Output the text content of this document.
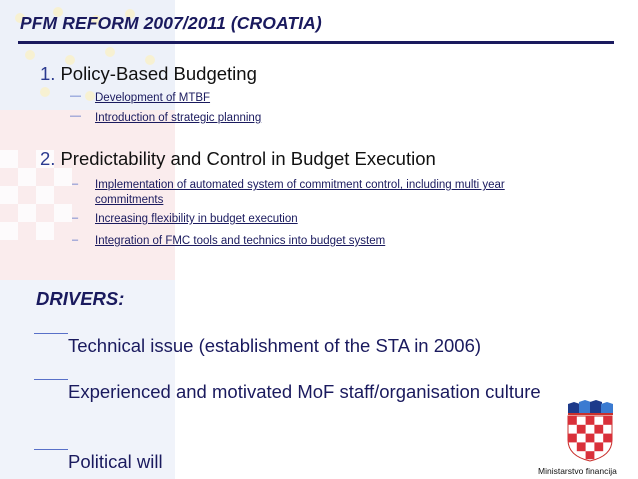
PFM REFORM 2007/2011 (CROATIA)
1. Policy-Based Budgeting
— Development of MTBF
— Introduction of strategic planning
2. Predictability and Control in Budget Execution
– Implementation of automated system of commitment control, including multi year commitments
– Increasing flexibility in budget execution
– Integration of FMC tools and technics into budget system
DRIVERS:
Technical issue (establishment of the STA in 2006)
Experienced and motivated MoF staff/organisation culture
Political will	Ministarstvo financija
